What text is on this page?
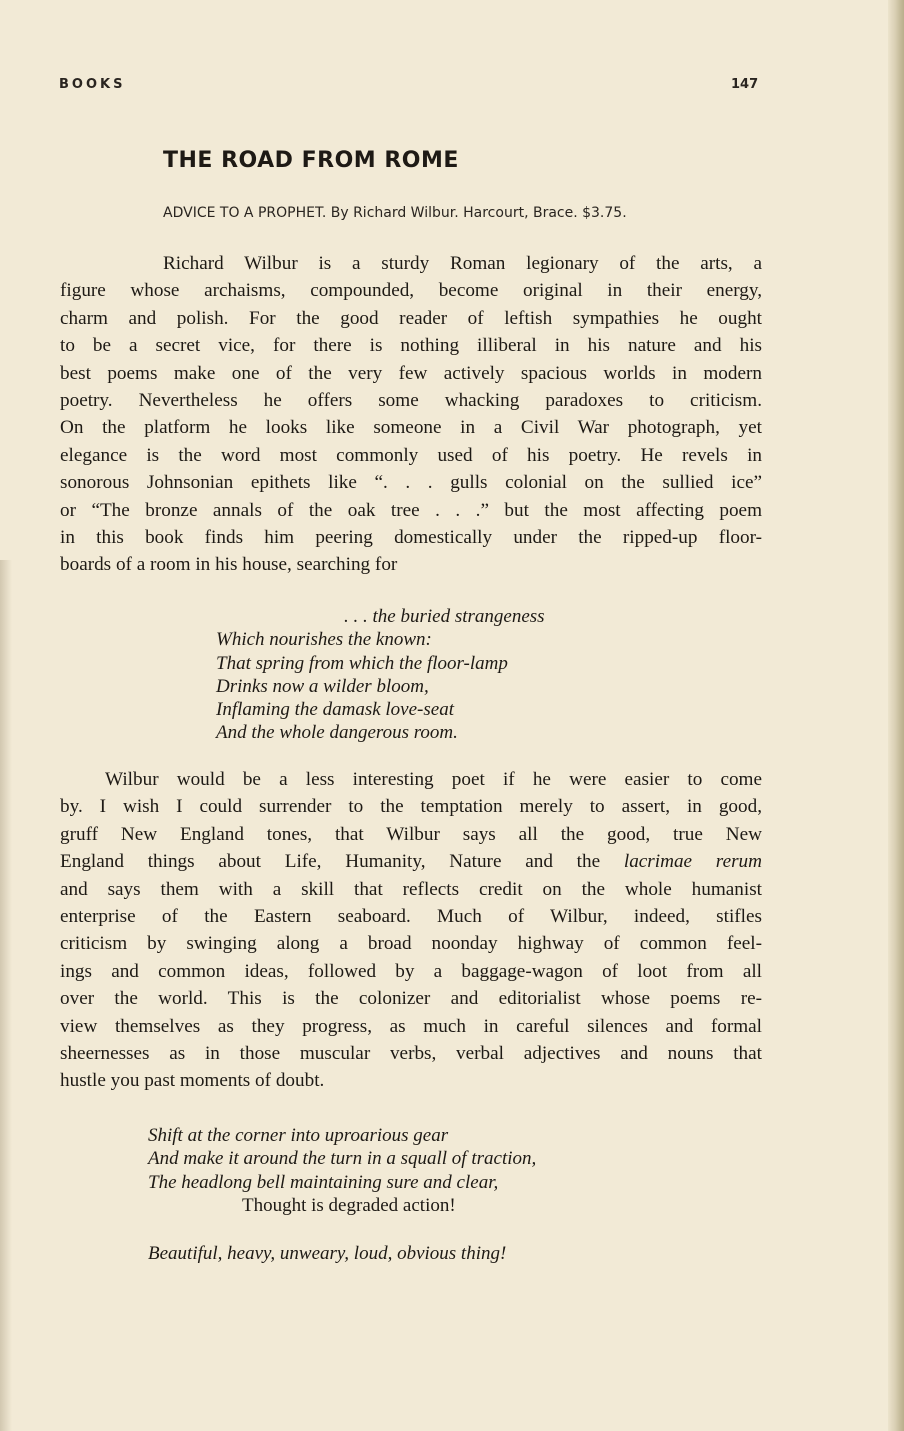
BOOKS	147
THE ROAD FROM ROME
ADVICE TO A PROPHET. By Richard Wilbur. Harcourt, Brace. $3.75.
Richard Wilbur is a sturdy Roman legionary of the arts, a
figure whose archaisms, compounded, become original in their energy,
charm and polish. For the good reader of leftish sympathies he ought
to be a secret vice, for there is nothing illiberal in his nature and his
best poems make one of the very few actively spacious worlds in modern
poetry. Nevertheless he offers some whacking paradoxes to criticism.
On the platform he looks like someone in a Civil War photograph, yet
elegance is the word most commonly used of his poetry. He revels in
sonorous Johnsonian epithets like “. . . gulls colonial on the sullied ice”
or “The bronze annals of the oak tree . . .” but the most affecting poem
in this book finds him peering domestically under the ripped-up floor-
boards of a room in his house, searching for
. . . the buried strangeness
Which nourishes the known:
That spring from which the floor-lamp
Drinks now a wilder bloom,
Inflaming the damask love-seat
And the whole dangerous room.
Wilbur would be a less interesting poet if he were easier to come
by. I wish I could surrender to the temptation merely to assert, in good,
gruff New England tones, that Wilbur says all the good, true New
England things about Life, Humanity, Nature and the lacrimae rerum
and says them with a skill that reflects credit on the whole humanist
enterprise of the Eastern seaboard. Much of Wilbur, indeed, stifles
criticism by swinging along a broad noonday highway of common feel-
ings and common ideas, followed by a baggage-wagon of loot from all
over the world. This is the colonizer and editorialist whose poems re-
view themselves as they progress, as much in careful silences and formal
sheernesses as in those muscular verbs, verbal adjectives and nouns that
hustle you past moments of doubt.
Shift at the corner into uproarious gear
And make it around the turn in a squall of traction,
The headlong bell maintaining sure and clear,
Thought is degraded action!
Beautiful, heavy, unweary, loud, obvious thing!
